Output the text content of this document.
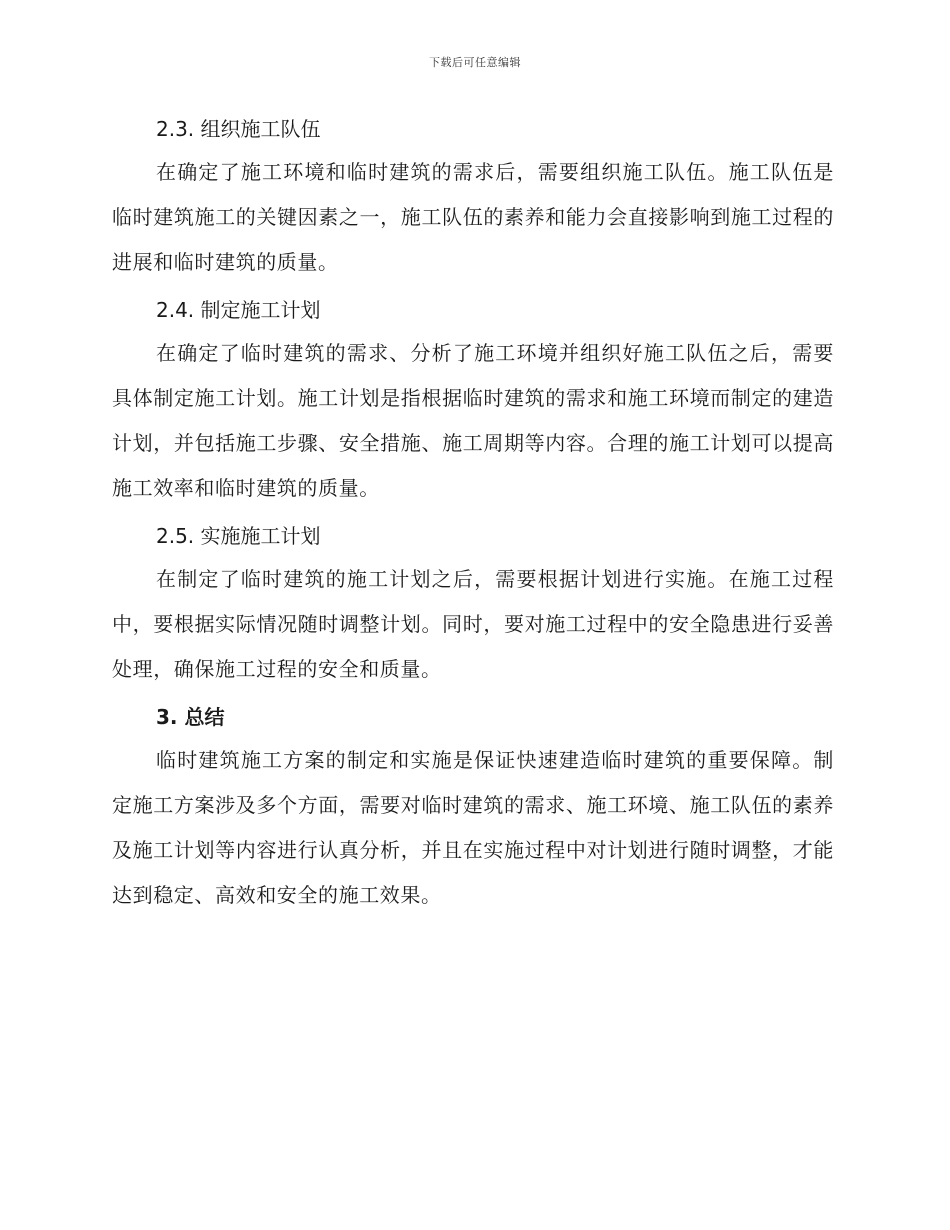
下载后可任意编辑
2.3. 组织施工队伍

在确定了施工环境和临时建筑的需求后，需要组织施工队伍。施工队伍是临时建筑施工的关键因素之一，施工队伍的素养和能力会直接影响到施工过程的进展和临时建筑的质量。

2.4. 制定施工计划

在确定了临时建筑的需求、分析了施工环境并组织好施工队伍之后，需要具体制定施工计划。施工计划是指根据临时建筑的需求和施工环境而制定的建造计划，并包括施工步骤、安全措施、施工周期等内容。合理的施工计划可以提高施工效率和临时建筑的质量。

2.5. 实施施工计划

在制定了临时建筑的施工计划之后，需要根据计划进行实施。在施工过程中，要根据实际情况随时调整计划。同时，要对施工过程中的安全隐患进行妥善处理，确保施工过程的安全和质量。

3. 总结

临时建筑施工方案的制定和实施是保证快速建造临时建筑的重要保障。制定施工方案涉及多个方面，需要对临时建筑的需求、施工环境、施工队伍的素养及施工计划等内容进行认真分析，并且在实施过程中对计划进行随时调整，才能达到稳定、高效和安全的施工效果。
